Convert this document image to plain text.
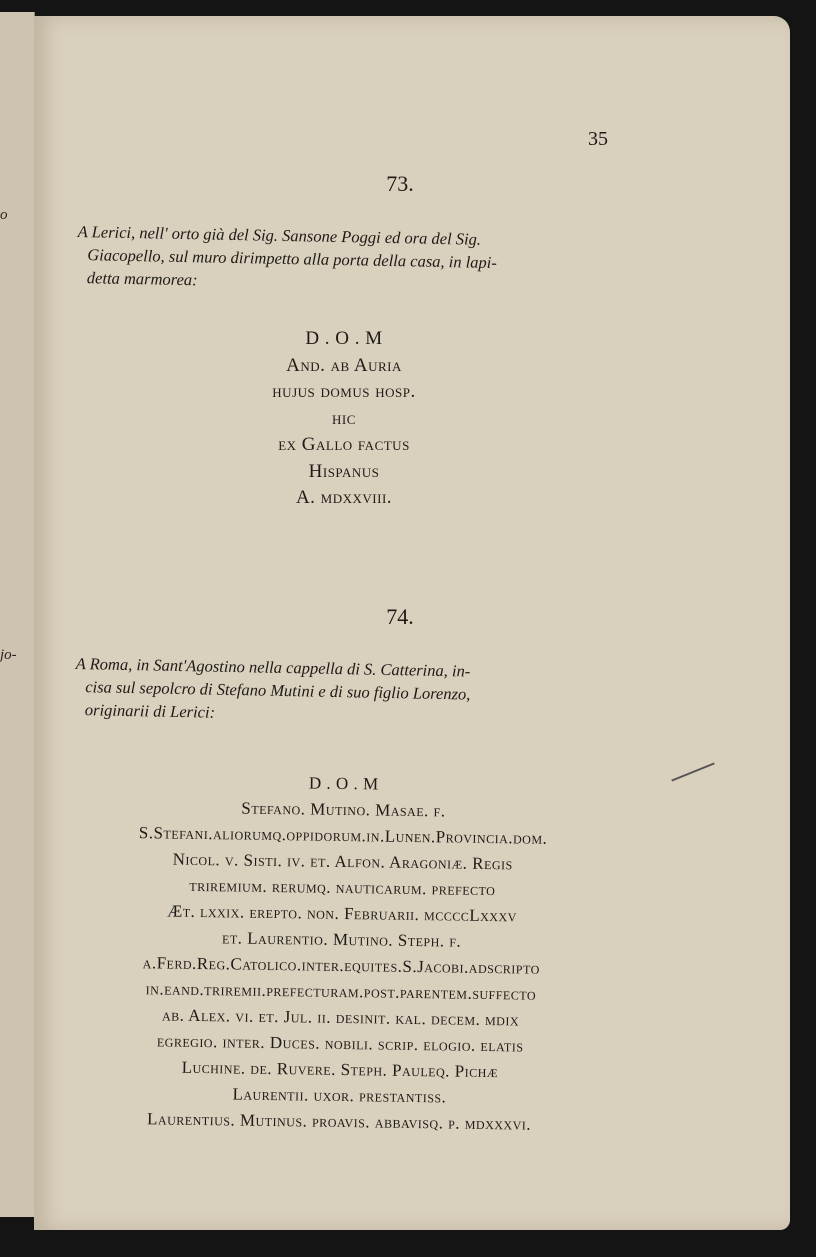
o
jo-
35
73.

A Lerici, nell' orto già del Sig. Sansone Poggi ed ora del Sig.

Giacopello, sul muro dirimpetto alla porta della casa, in lapi-

detta marmorea:

D . O . M
And. ab Auria
hujus domus hosp.
hic
ex Gallo factus
Hispanus
A. mdxxviii.
74.

A Roma, in Sant'Agostino nella cappella di S. Catterina, in-

cisa sul sepolcro di Stefano Mutini e di suo figlio Lorenzo,

originarii di Lerici:

D . O . M
Stefano. Mutino. Masae. f.
S.Stefani.aliorumq.oppidorum.in.Lunen.Provincia.dom.
Nicol. v. Sisti. iv. et. Alfon. Aragoniæ. Regis
triremium. rerumq. nauticarum. prefecto
Æt. lxxix. erepto. non. Februarii. mccccLxxxv
et. Laurentio. Mutino. Steph. f.
a.Ferd.Reg.Catolico.inter.equites.S.Jacobi.adscripto
in.eand.triremii.prefecturam.post.parentem.suffecto
ab. Alex. vi. et. Jul. ii. desinit. kal. decem. mdix
egregio. inter. Duces. nobili. scrip. elogio. elatis
Luchine. de. Ruvere. Steph. Pauleq. Pichæ
Laurentii. uxor. prestantiss.
Laurentius. Mutinus. proavis. abbavisq. p. mdxxxvi.
